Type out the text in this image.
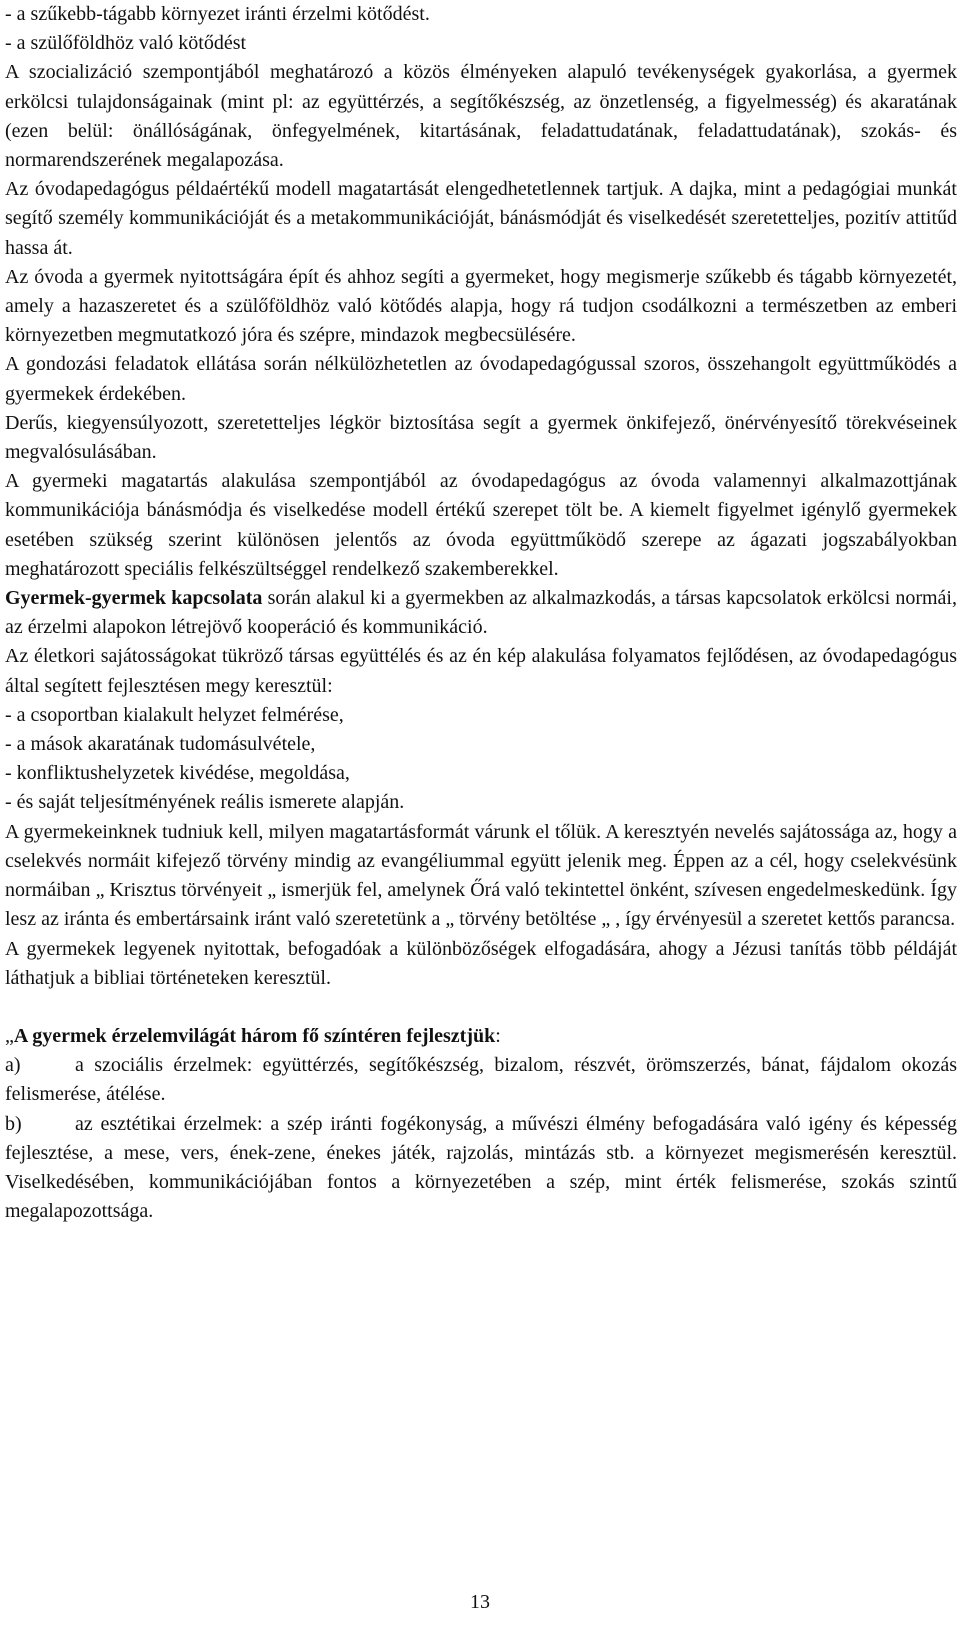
- a szűkebb-tágabb környezet iránti érzelmi kötődést.

- a szülőföldhöz való kötődést

A szocializáció szempontjából meghatározó a közös élményeken alapuló tevékenységek gyakorlása, a gyermek erkölcsi tulajdonságainak (mint pl: az együttérzés, a segítőkészség, az önzetlenség, a figyelmesség) és akaratának (ezen belül: önállóságának, önfegyelmének, kitartásának, feladattudatának, feladattudatának), szokás- és normarendszerének megalapozása.

Az óvodapedagógus példaértékű modell magatartását elengedhetetlennek tartjuk. A dajka, mint a pedagógiai munkát segítő személy kommunikációját és a metakommunikációját, bánásmódját és viselkedését szeretetteljes, pozitív attitűd hassa át.

Az óvoda a gyermek nyitottságára épít és ahhoz segíti a gyermeket, hogy megismerje szűkebb és tágabb környezetét, amely a hazaszeretet és a szülőföldhöz való kötődés alapja, hogy rá tudjon csodálkozni a természetben az emberi környezetben megmutatkozó jóra és szépre, mindazok megbecsülésére.

A gondozási feladatok ellátása során nélkülözhetetlen az óvodapedagógussal szoros, összehangolt együttműködés a gyermekek érdekében.

Derűs, kiegyensúlyozott, szeretetteljes légkör biztosítása segít a gyermek önkifejező, önérvényesítő törekvéseinek megvalósulásában.

A gyermeki magatartás alakulása szempontjából az óvodapedagógus az óvoda valamennyi alkalmazottjának kommunikációja bánásmódja és viselkedése modell értékű szerepet tölt be. A kiemelt figyelmet igénylő gyermekek esetében szükség szerint különösen jelentős az óvoda együttműködő szerepe az ágazati jogszabályokban meghatározott speciális felkészültséggel rendelkező szakemberekkel.

Gyermek-gyermek kapcsolata során alakul ki a gyermekben az alkalmazkodás, a társas kapcsolatok erkölcsi normái, az érzelmi alapokon létrejövő kooperáció és kommunikáció.

Az életkori sajátosságokat tükröző társas együttélés és az én kép alakulása folyamatos fejlődésen, az óvodapedagógus által segített fejlesztésen megy keresztül:

- a csoportban kialakult helyzet felmérése,

- a mások akaratának tudomásulvétele,

- konfliktushelyzetek kivédése, megoldása,

- és saját teljesítményének reális ismerete alapján.

A gyermekeinknek tudniuk kell, milyen magatartásformát várunk el tőlük. A keresztyén nevelés sajátossága az, hogy a cselekvés normáit kifejező törvény mindig az evangéliummal együtt jelenik meg. Éppen az a cél, hogy cselekvésünk normáiban „ Krisztus törvényeit „ ismerjük fel, amelynek Őrá való tekintettel önként, szívesen engedelmeskedünk. Így lesz az iránta és embertársaink iránt való szeretetünk a „ törvény betöltése „ , így érvényesül a szeretet kettős parancsa.

A gyermekek legyenek nyitottak, befogadóak a különbözőségek elfogadására, ahogy a Jézusi tanítás több példáját láthatjuk a bibliai történeteken keresztül.

„A gyermek érzelemvilágát három fő színtéren fejlesztjük:

a)	a szociális érzelmek: együttérzés, segítőkészség, bizalom, részvét, örömszerzés, bánat, fájdalom okozás felismerése, átélése.

b)	az esztétikai érzelmek: a szép iránti fogékonyság, a művészi élmény befogadására való igény és képesség fejlesztése, a mese, vers, ének-zene, énekes játék, rajzolás, mintázás stb. a környezet megismerésén keresztül. Viselkedésében, kommunikációjában fontos a környezetében a szép, mint érték felismerése, szokás szintű megalapozottsága.

13
